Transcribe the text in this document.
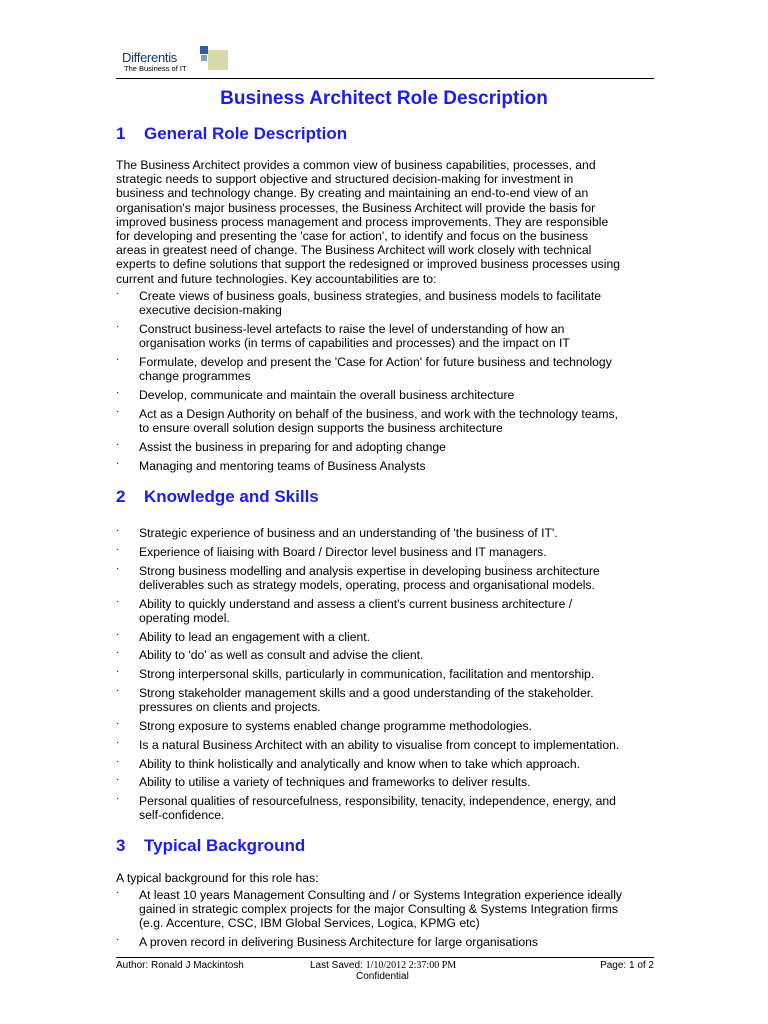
Differentis
The Business of IT
Business Architect Role Description
1 General Role Description
The Business Architect provides a common view of business capabilities, processes, and
strategic needs to support objective and structured decision-making for investment in
business and technology change. By creating and maintaining an end-to-end view of an
organisation's major business processes, the Business Architect will provide the basis for
improved business process management and process improvements. They are responsible
for developing and presenting the 'case for action', to identify and focus on the business
areas in greatest need of change. The Business Architect will work closely with technical
experts to define solutions that support the redesigned or improved business processes using
current and future technologies. Key accountabilities are to:
· Create views of business goals, business strategies, and business models to facilitate
executive decision-making
· Construct business-level artefacts to raise the level of understanding of how an
organisation works (in terms of capabilities and processes) and the impact on IT
· Formulate, develop and present the 'Case for Action' for future business and technology
change programmes
· Develop, communicate and maintain the overall business architecture
· Act as a Design Authority on behalf of the business, and work with the technology teams,
to ensure overall solution design supports the business architecture
· Assist the business in preparing for and adopting change
· Managing and mentoring teams of Business Analysts
2 Knowledge and Skills
· Strategic experience of business and an understanding of 'the business of IT'.
· Experience of liaising with Board / Director level business and IT managers.
· Strong business modelling and analysis expertise in developing business architecture
deliverables such as strategy models, operating, process and organisational models.
· Ability to quickly understand and assess a client's current business architecture /
operating model.
· Ability to lead an engagement with a client.
· Ability to 'do' as well as consult and advise the client.
· Strong interpersonal skills, particularly in communication, facilitation and mentorship.
· Strong stakeholder management skills and a good understanding of the stakeholder.
pressures on clients and projects.
· Strong exposure to systems enabled change programme methodologies.
· Is a natural Business Architect with an ability to visualise from concept to implementation.
· Ability to think holistically and analytically and know when to take which approach.
· Ability to utilise a variety of techniques and frameworks to deliver results.
· Personal qualities of resourcefulness, responsibility, tenacity, independence, energy, and
self-confidence.
3 Typical Background
A typical background for this role has:
· At least 10 years Management Consulting and / or Systems Integration experience ideally
gained in strategic complex projects for the major Consulting & Systems Integration firms
(e.g. Accenture, CSC, IBM Global Services, Logica, KPMG etc)
· A proven record in delivering Business Architecture for large organisations
Author: Ronald J Mackintosh	Last Saved: 1/10/2012 2:37:00 PM	Page: 1 of 2
Confidential
